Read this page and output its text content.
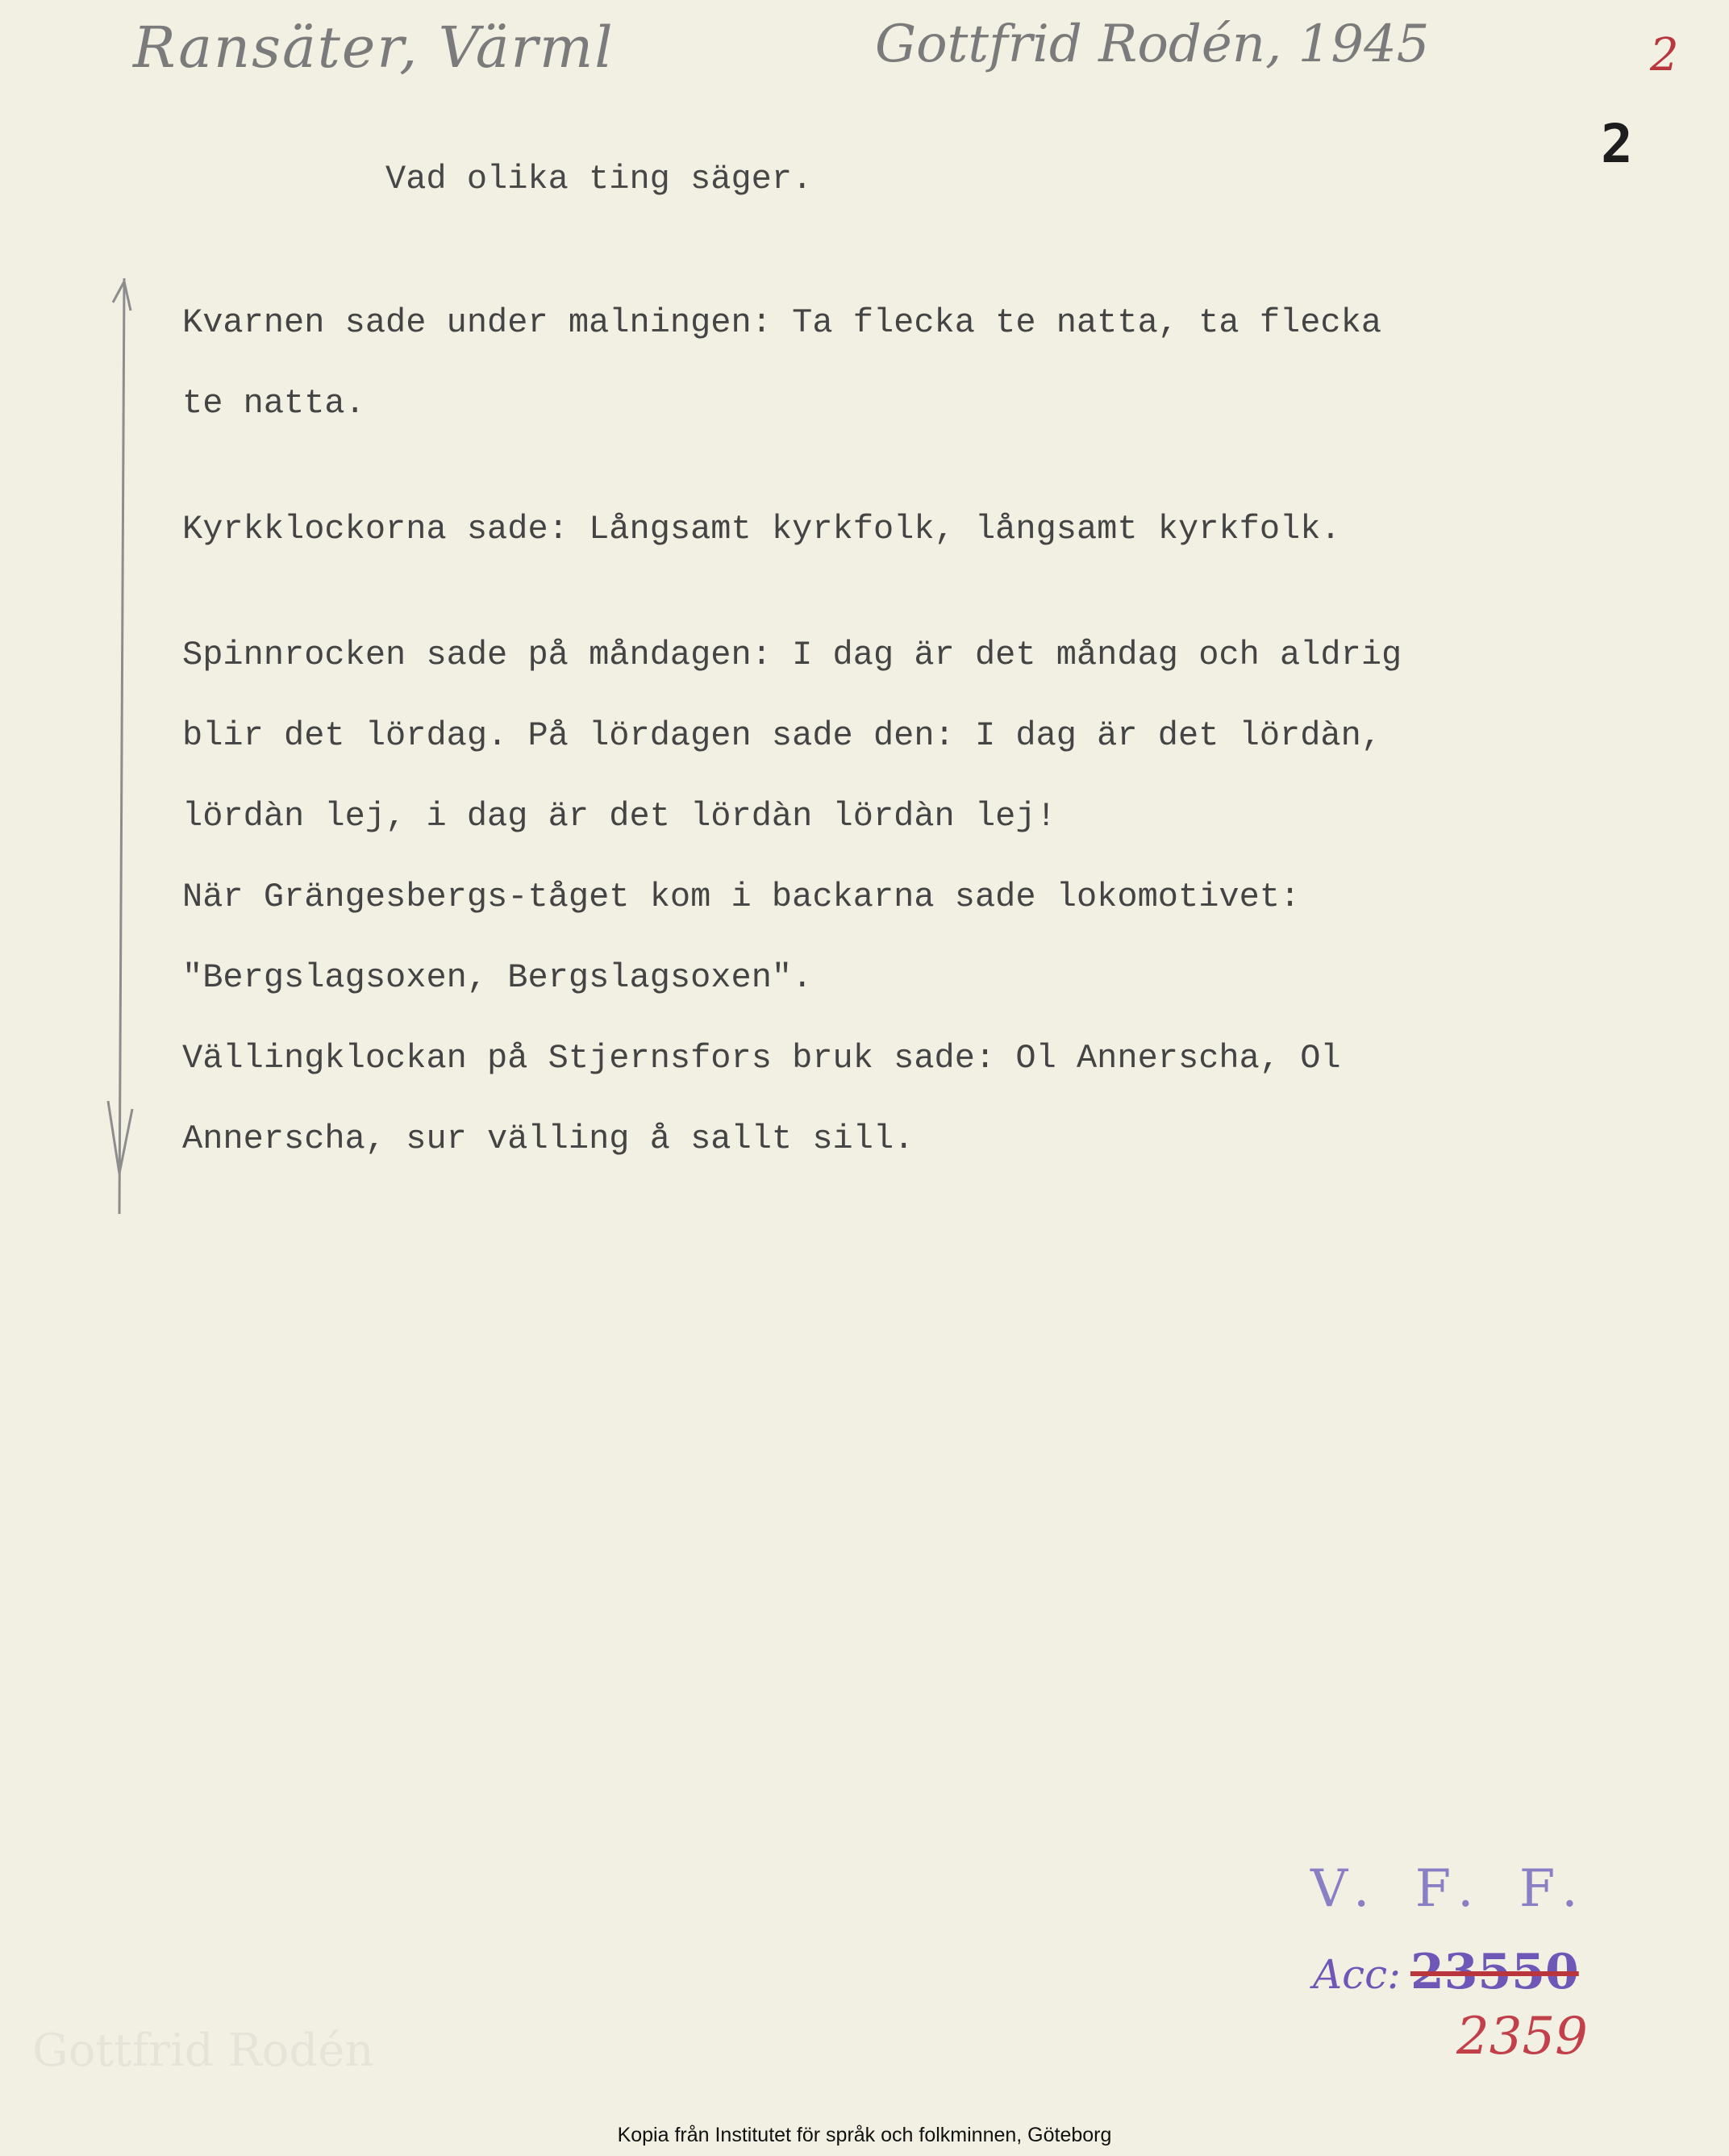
Ransäter, Värml	Gottfrid Rodén, 1945	2
2
Vad olika ting säger.
Kvarnen sade under malningen: Ta flecka te natta, ta flecka
te natta.
Kyrkklockorna sade: Långsamt kyrkfolk, långsamt kyrkfolk.
Spinnrocken sade på måndagen: I dag är det måndag och aldrig
blir det lördag. På lördagen sade den: I dag är det lördàn,
lördàn lej, i dag är det lördàn lördàn lej!
När Grängesbergs-tåget kom i backarna sade lokomotivet:
"Bergslagsoxen, Bergslagsoxen".
Vällingklockan på Stjernsfors bruk sade: Ol Annerscha, Ol
Annerscha, sur välling å sallt sill.
Gottfrid Rodén
V. F. F.
Acc: 23550
2359
Kopia från Institutet för språk och folkminnen, Göteborg
